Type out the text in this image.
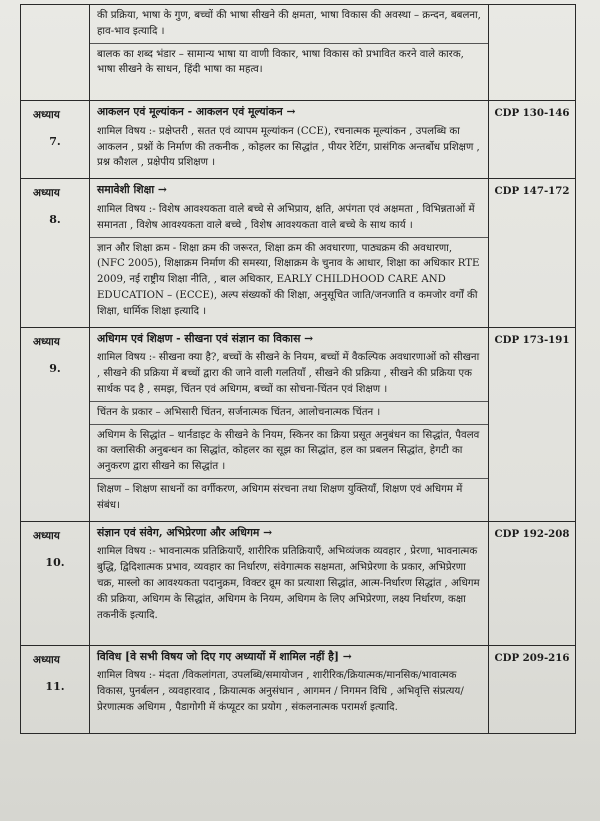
	की प्रक्रिया, भाषा के गुण, बच्चों की भाषा सीखने की क्षमता, भाषा विकास की अवस्था – क्रन्दन, बबलना, हाव-भाव इत्यादि ।
बालक का शब्द भंडार – सामान्य भाषा या वाणी विकार, भाषा विकास को प्रभावित करने वाले कारक, भाषा सीखने के साधन, हिंदी भाषा का महत्व।	

अध्याय
7.	आकलन एवं मूल्यांकन - आकलन एवं मूल्यांकन →
शामिल विषय :- प्रक्षेप्तरी , सतत एवं व्यापम मूल्यांकन (CCE), रचनात्मक मूल्यांकन , उपलब्धि का आकलन , प्रश्नों के निर्माण की तकनीक , कोहलर का सिद्धांत , पीयर रेटिंग, प्रासंगिक अन्तर्बोध प्रशिक्षण , प्रश्न कौशल , प्रक्षेपीय प्रशिक्षण ।	CDP 130-146

अध्याय
8.	समावेशी शिक्षा →
शामिल विषय :- विशेष आवश्यकता वाले बच्चे से अभिप्राय, क्षति, अपंगता एवं अक्षमता , विभिन्नताओं में समानता , विशेष आवश्यकता वाले बच्चे , विशेष आवश्यकता वाले बच्चे के साथ कार्य ।
ज्ञान और शिक्षा क्रम - शिक्षा क्रम की जरूरत, शिक्षा क्रम की अवधारणा, पाठ्यक्रम की अवधारणा, (NFC 2005), शिक्षाक्रम निर्माण की समस्या, शिक्षाक्रम के चुनाव के आधार, शिक्षा का अधिकार RTE 2009, नई राष्ट्रीय शिक्षा नीति, , बाल अधिकार, EARLY CHILDHOOD CARE AND EDUCATION – (ECCE), अल्प संख्यकों की शिक्षा, अनुसूचित जाति/जनजाति व कमजोर वर्गों की शिक्षा, धार्मिक शिक्षा इत्यादि ।	CDP 147-172

अध्याय
9.	अधिगम एवं शिक्षण - सीखना एवं संज्ञान का विकास →
शामिल विषय :- सीखना क्या है?, बच्चों के सीखने के नियम, बच्चों में वैकल्पिक अवधारणाओं को सीखना , सीखने की प्रक्रिया में बच्चों द्वारा की जाने वाली गलतियाँ , सीखने की प्रक्रिया , सीखने की प्रक्रिया एक सार्थक पद है , समझ, चिंतन एवं अधिगम, बच्चों का सोचना-चिंतन एवं शिक्षण ।
चिंतन के प्रकार – अभिसारी चिंतन, सर्जनात्मक चिंतन, आलोचनात्मक चिंतन ।
अधिगम के सिद्धांत – थार्नडाइट के सीखने के नियम, स्किनर का क्रिया प्रसूत अनुबंधन का सिद्धांत, पैवलव का क्लासिकी अनुबन्धन का सिद्धांत, कोहलर का सूझ का सिद्धांत, हल का प्रबलन सिद्धांत, हेगटी का अनुकरण द्वारा सीखने का सिद्धांत ।
शिक्षण – शिक्षण साधनों का वर्गीकरण, अधिगम संरचना तथा शिक्षण युक्तियाँ, शिक्षण एवं अधिगम में संबंध।	CDP 173-191

अध्याय
10.	संज्ञान एवं संवेग, अभिप्रेरणा और अधिगम →
शामिल विषय :- भावनात्मक प्रतिक्रियाएँ, शारीरिक प्रतिक्रियाएँ, अभिव्यंजक व्यवहार , प्रेरणा, भावनात्मक बुद्धि, द्विदिशात्मक प्रभाव, व्यवहार का निर्धारण, संवेगात्मक सक्षमता, अभिप्रेरणा के प्रकार, अभिप्रेरणा चक्र, मास्लो का आवश्यकता पदानुक्रम, विक्टर व्रूम का प्रत्याशा सिद्धांत, आत्म-निर्धारण सिद्धांत , अधिगम की प्रक्रिया, अधिगम के सिद्धांत, अधिगम के नियम, अधिगम के लिए अभिप्रेरणा, लक्ष्य निर्धारण, कक्षा तकनीकें इत्यादि.	CDP 192-208

अध्याय
11.	विविध [वे सभी विषय जो दिए गए अध्यायों में शामिल नहीं है] →
शामिल विषय :- मंदता /विकलांगता, उपलब्धि/समायोजन , शारीरिक/क्रियात्मक/मानसिक/भावात्मक विकास, पुनर्बलन , व्यवहारवाद , क्रियात्मक अनुसंधान , आगमन / निगमन विधि , अभिवृत्ति संप्रत्यय/प्रेरणात्मक अधिगम , पैडागोगी में कंप्यूटर का प्रयोग , संकलनात्मक परामर्श इत्यादि.	CDP 209-216
